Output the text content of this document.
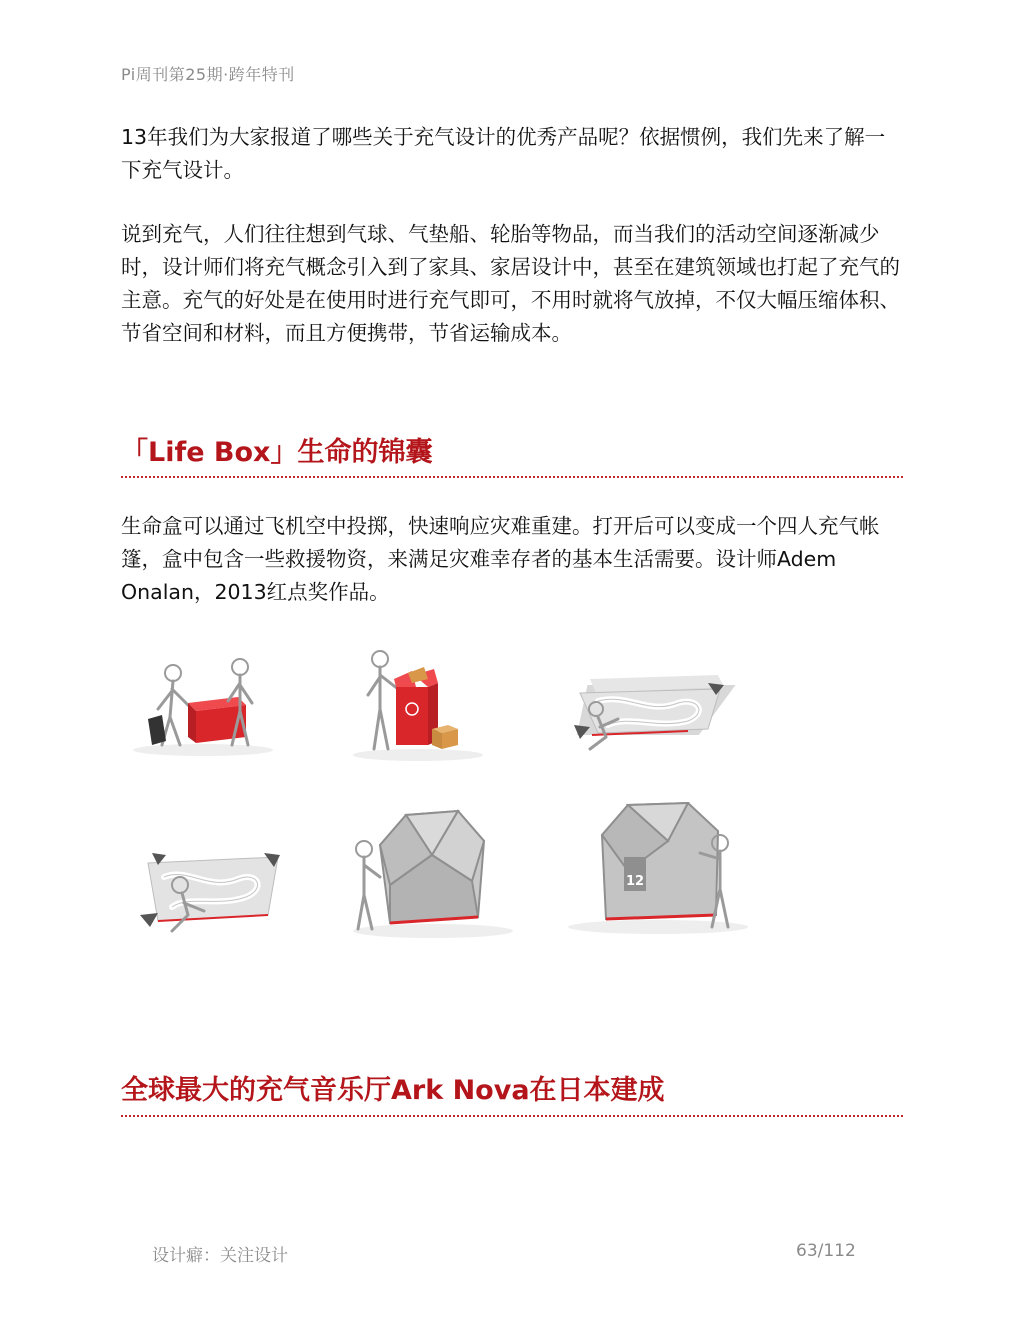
Pi周刊第25期·跨年特刊

13年我们为大家报道了哪些关于充气设计的优秀产品呢？依据惯例，我们先来了解一下充气设计。

说到充气，人们往往想到气球、气垫船、轮胎等物品，而当我们的活动空间逐渐减少时，设计师们将充气概念引入到了家具、家居设计中，甚至在建筑领域也打起了充气的主意。充气的好处是在使用时进行充气即可，不用时就将气放掉，不仅大幅压缩体积、节省空间和材料，而且方便携带，节省运输成本。

「Life Box」生命的锦囊

生命盒可以通过飞机空中投掷，快速响应灾难重建。打开后可以变成一个四人充气帐篷，盒中包含一些救援物资，来满足灾难幸存者的基本生活需要。设计师Adem Onalan，2013红点奖作品。

12
全球最大的充气音乐厅Ark Nova在日本建成
设计癖：关注设计	63/112
